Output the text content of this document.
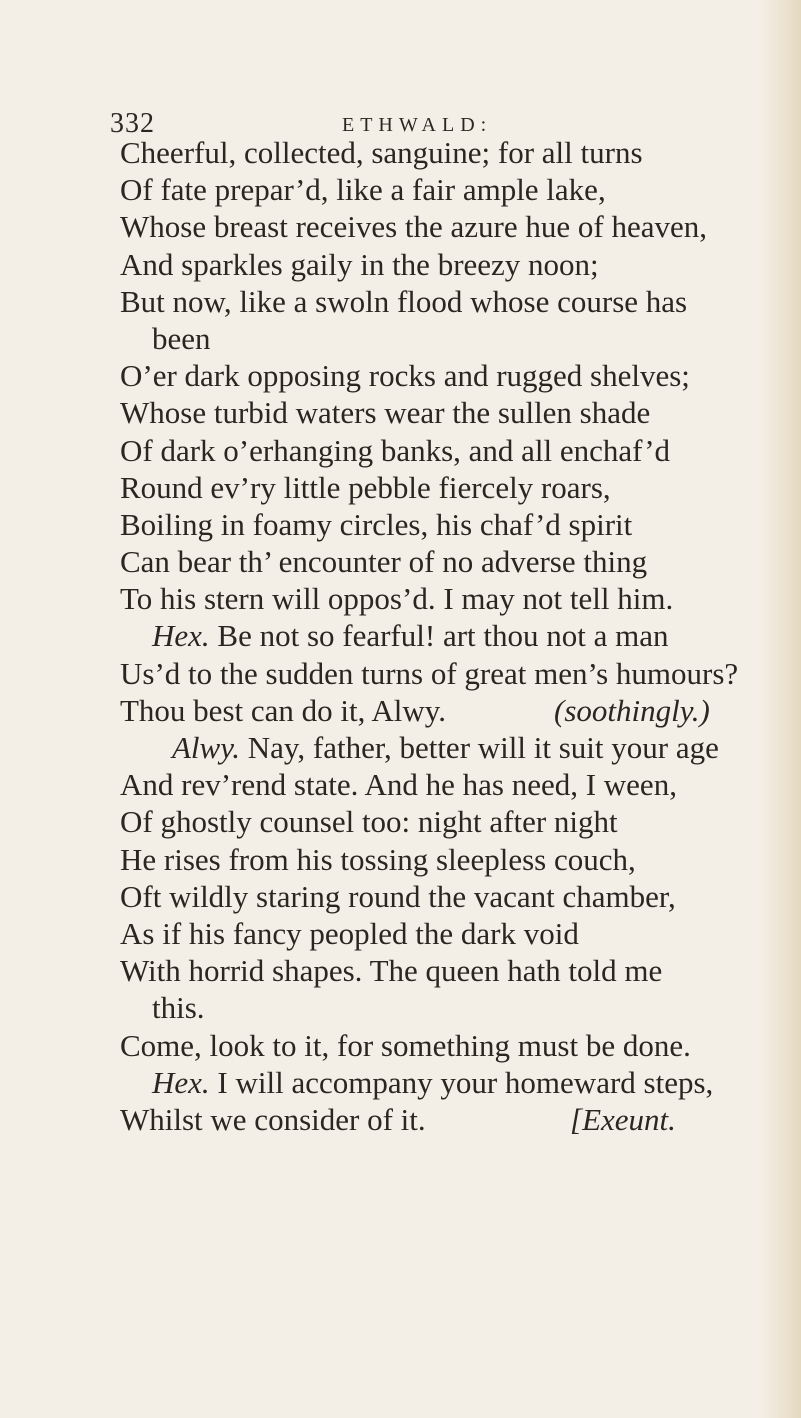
332	ETHWALD:
Cheerful, collected, sanguine; for all turns
Of fate prepar’d, like a fair ample lake,
Whose breast receives the azure hue of heaven,
And sparkles gaily in the breezy noon;
But now, like a swoln flood whose course has
been
O’er dark opposing rocks and rugged shelves;
Whose turbid waters wear the sullen shade
Of dark o’erhanging banks, and all enchaf’d
Round ev’ry little pebble fiercely roars,
Boiling in foamy circles, his chaf’d spirit
Can bear th’ encounter of no adverse thing
To his stern will oppos’d. I may not tell him.
Hex. Be not so fearful! art thou not a man
Us’d to the sudden turns of great men’s humours?
Thou best can do it, Alwy.	(soothingly.)
Alwy. Nay, father, better will it suit your age
And rev’rend state. And he has need, I ween,
Of ghostly counsel too: night after night
He rises from his tossing sleepless couch,
Oft wildly staring round the vacant chamber,
As if his fancy peopled the dark void
With horrid shapes. The queen hath told me
this.
Come, look to it, for something must be done.
Hex. I will accompany your homeward steps,
Whilst we consider of it.	[Exeunt.
